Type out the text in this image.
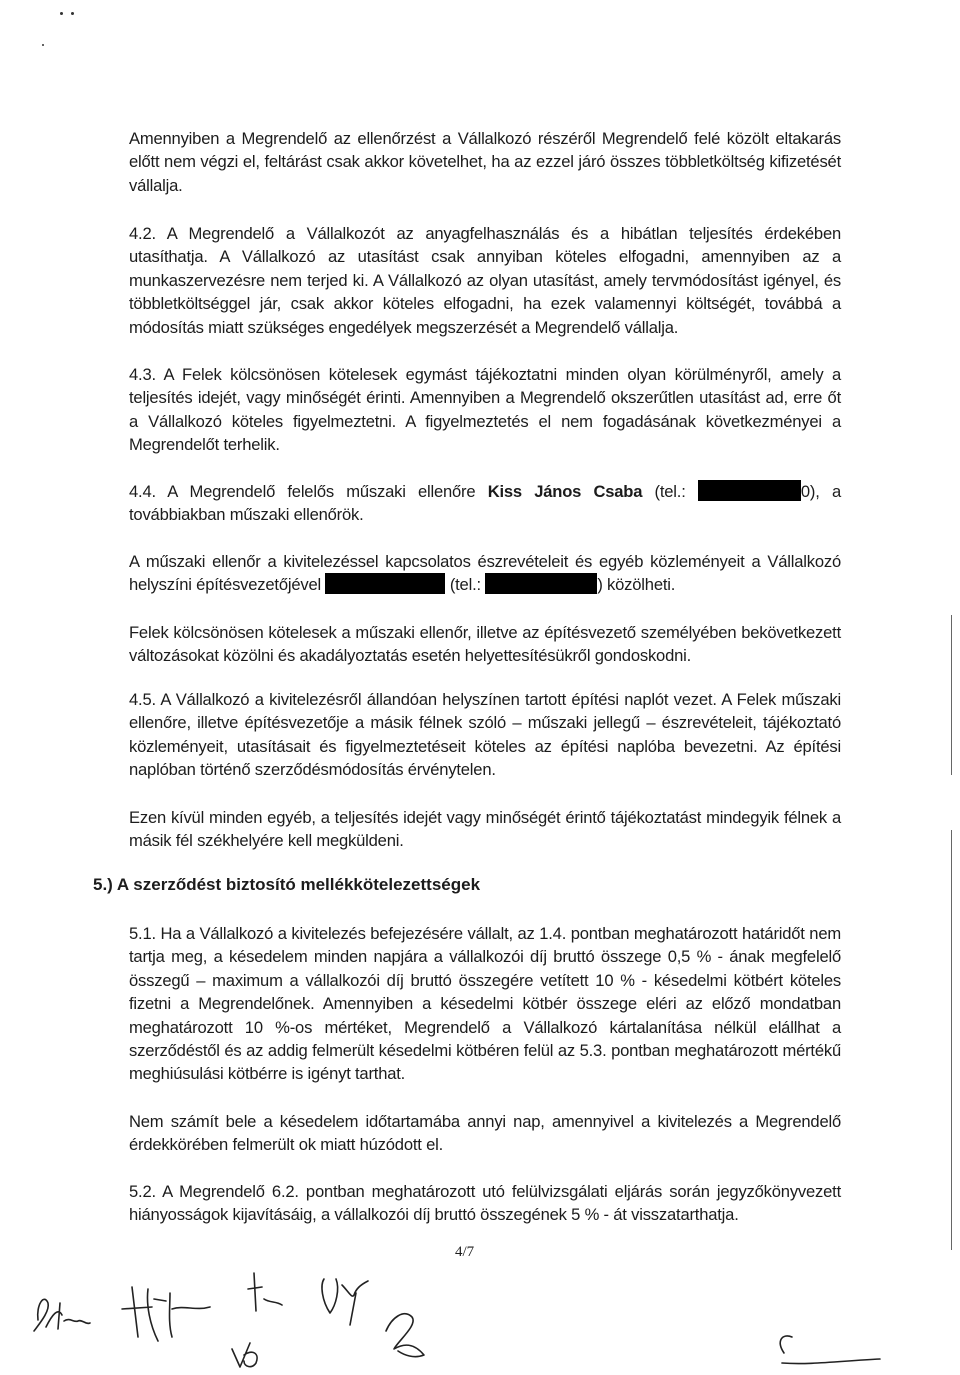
Amennyiben a Megrendelő az ellenőrzést a Vállalkozó részéről Megrendelő felé közölt eltakarás előtt nem végzi el, feltárást csak akkor követelhet, ha az ezzel járó összes többletköltség kifizetését vállalja.

4.2. A Megrendelő a Vállalkozót az anyagfelhasználás és a hibátlan teljesítés érdekében utasíthatja. A Vállalkozó az utasítást csak annyiban köteles elfogadni, amennyiben az a munkaszervezésre nem terjed ki. A Vállalkozó az olyan utasítást, amely tervmódosítást igényel, és többletköltséggel jár, csak akkor köteles elfogadni, ha ezek valamennyi költségét, továbbá a módosítás miatt szükséges engedélyek megszerzését a Megrendelő vállalja.

4.3. A Felek kölcsönösen kötelesek egymást tájékoztatni minden olyan körülményről, amely a teljesítés idejét, vagy minőségét érinti. Amennyiben a Megrendelő okszerűtlen utasítást ad, erre őt a Vállalkozó köteles figyelmeztetni. A figyelmeztetés el nem fogadásának következményei a Megrendelőt terhelik.

4.4. A Megrendelő felelős műszaki ellenőre Kiss János Csaba (tel.:	0), a továbbiakban műszaki ellenőrök.

A műszaki ellenőr a kivitelezéssel kapcsolatos észrevételeit és egyéb közleményeit a Vállalkozó helyszíni építésvezetőjével	(tel.:	) közölheti.

Felek kölcsönösen kötelesek a műszaki ellenőr, illetve az építésvezető személyében bekövetkezett változásokat közölni és akadályoztatás esetén helyettesítésükről gondoskodni.

4.5. A Vállalkozó a kivitelezésről állandóan helyszínen tartott építési naplót vezet. A Felek műszaki ellenőre, illetve építésvezetője a másik félnek szóló – műszaki jellegű – észrevételeit, tájékoztató közleményeit, utasításait és figyelmeztetéseit köteles az építési naplóba bevezetni. Az építési naplóban történő szerződésmódosítás érvénytelen.

Ezen kívül minden egyéb, a teljesítés idejét vagy minőségét érintő tájékoztatást mindegyik félnek a másik fél székhelyére kell megküldeni.

5.) A szerződést biztosító mellékkötelezettségek

5.1. Ha a Vállalkozó a kivitelezés befejezésére vállalt, az 1.4. pontban meghatározott határidőt nem tartja meg, a késedelem minden napjára a vállalkozói díj bruttó összege 0,5 % - ának megfelelő összegű – maximum a vállalkozói díj bruttó összegére vetített 10 % - késedelmi kötbért köteles fizetni a Megrendelőnek. Amennyiben a késedelmi kötbér összege eléri az előző mondatban meghatározott 10 %-os mértéket, Megrendelő a Vállalkozó kártalanítása nélkül elállhat a szerződéstől és az addig felmerült késedelmi kötbéren felül az 5.3. pontban meghatározott mértékű meghiúsulási kötbérre is igényt tarthat.

Nem számít bele a késedelem időtartamába annyi nap, amennyivel a kivitelezés a Megrendelő érdekkörében felmerült ok miatt húzódott el.

5.2. A Megrendelő 6.2. pontban meghatározott utó felülvizsgálati eljárás során jegyzőkönyvezett hiányosságok kijavításáig, a vállalkozói díj bruttó összegének 5 % - át visszatarthatja.

4/7
